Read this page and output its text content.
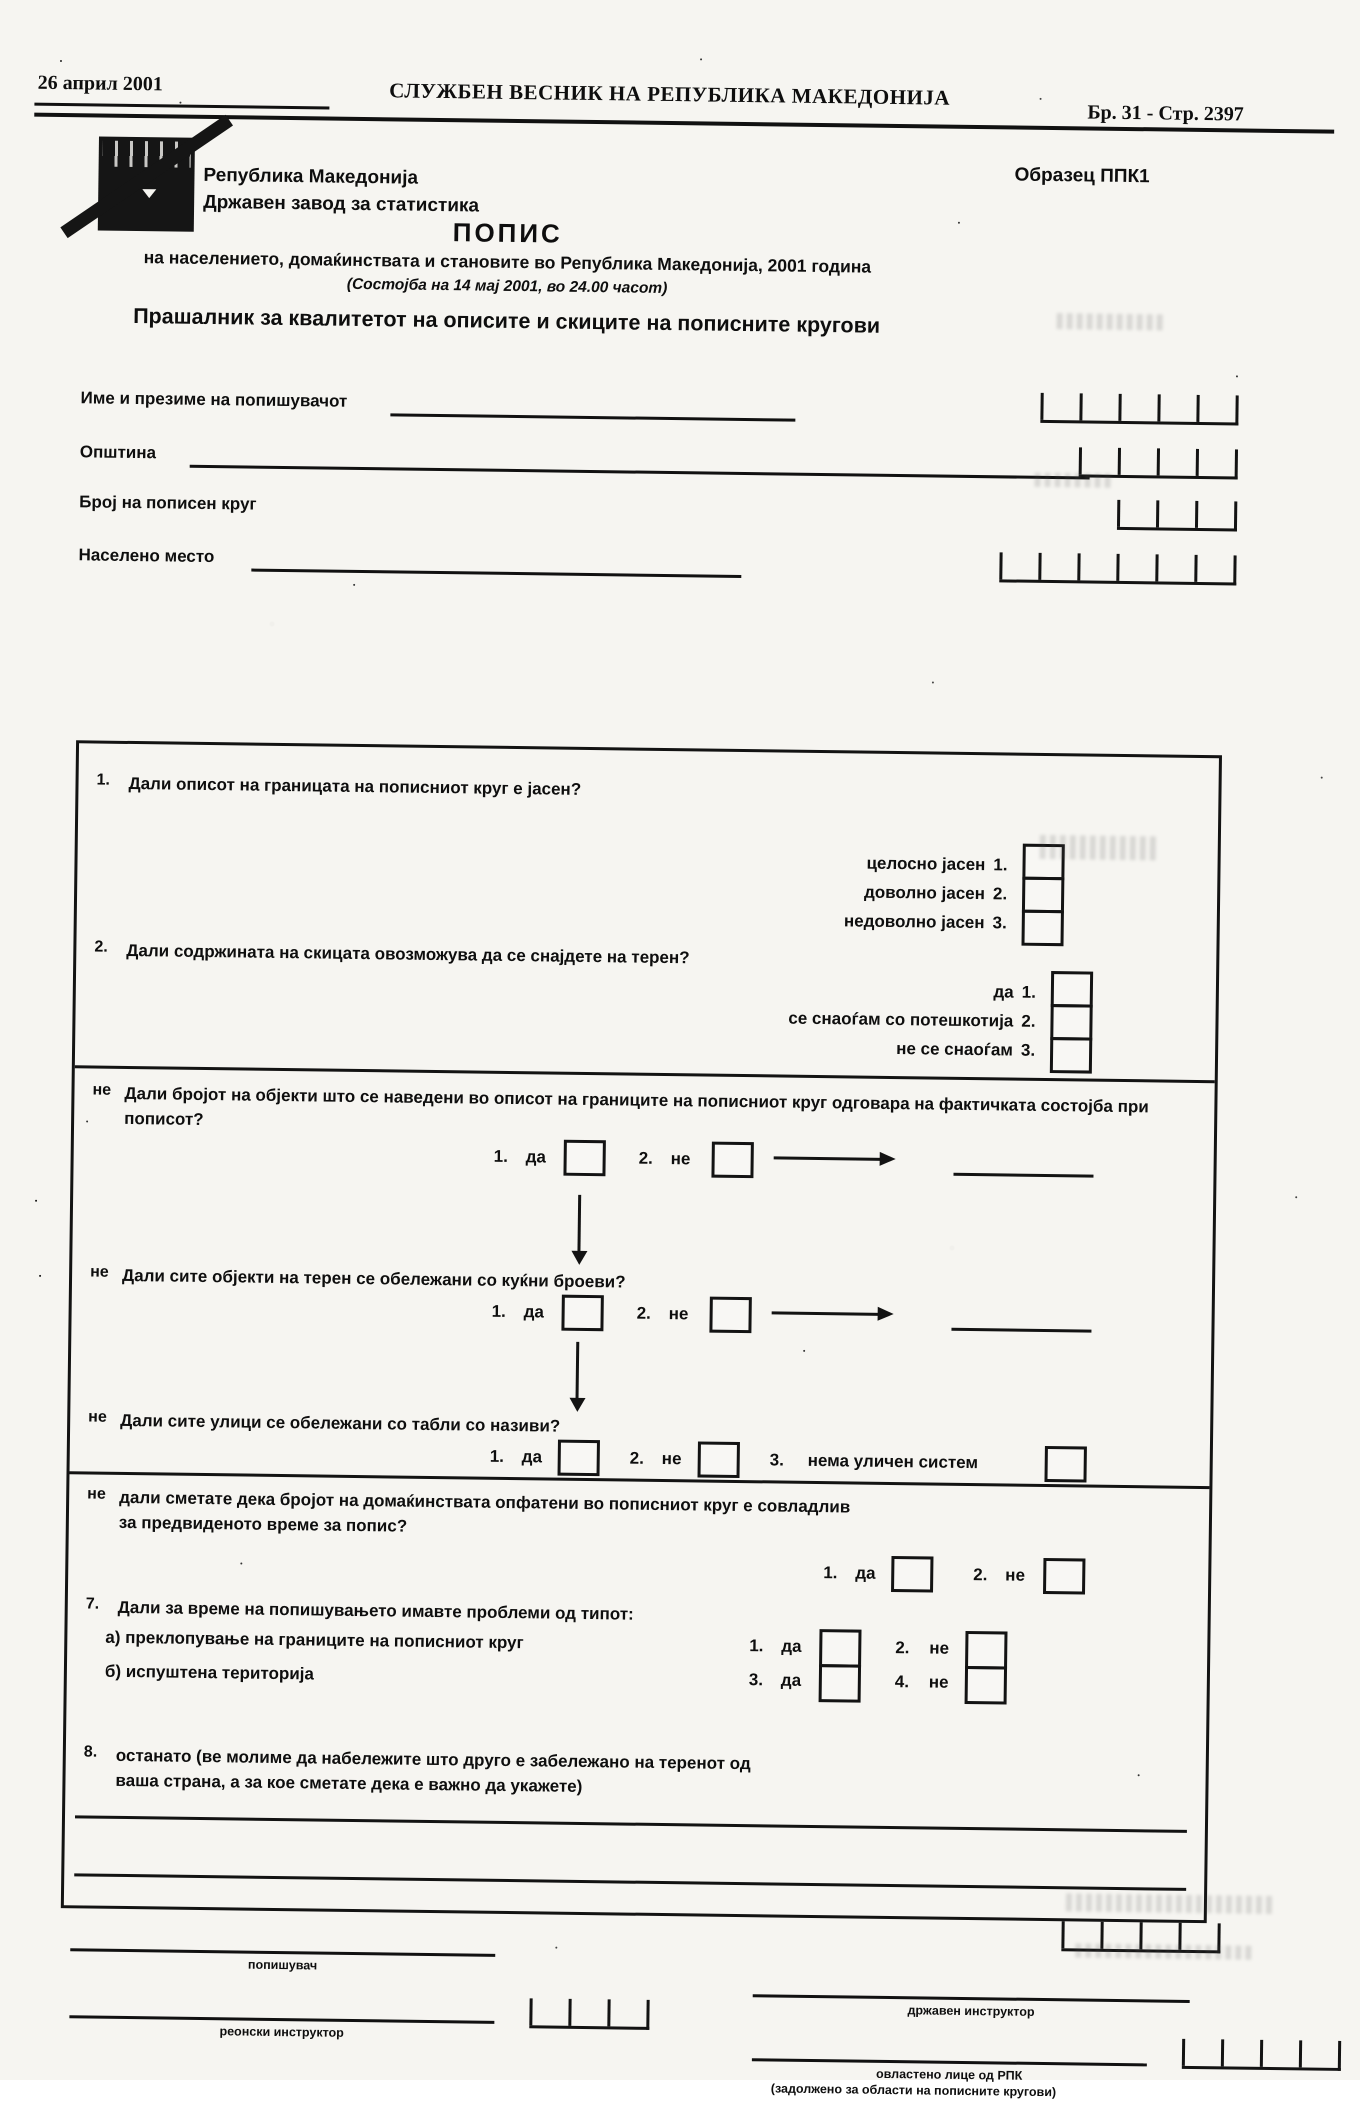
26 април 2001	СЛУЖБЕН ВЕСНИК НА РЕПУБЛИКА МАКЕДОНИЈА
Бр. 31 - Стр. 2397
Република Македонија
Државен завод за статистика
Образец ППК1
ПОПИС
на населението, домаќинствата и становите во Република Македонија, 2001 година
(Состојба на 14 мај 2001, во 24.00 часот)
Прашалник за квалитетот на описите и скиците на пописните кругови
Име и презиме на попишувачот
Општина
Број на пописен круг
Населено место
1.	Дали описот на границата на пописниот круг е јасен?
целосно јасен 1.
доволно јасен 2.
недоволно јасен 3.
2.	Дали содржината на скицата овозможува да се снајдете на терен?
да 1.
се снаоѓам со потешкотија 2.
не се снаоѓам 3.
не Дали бројот на објекти што се наведени во описот на границите на пописниот круг одговара на фактичката состојба при пописот?
1. да	2. не
не Дали сите објекти на терен се обележани со куќни броеви?
1. да	2. не
не Дали сите улици се обележани со табли со називи?
1. да	2. не	3. нема уличен систем
не дали сметате дека бројот на домаќинствата опфатени во пописниот круг е совладлив за предвиденото време за попис?
1. да	2. не
7.	Дали за време на попишувањето имавте проблеми од типот:
а) преклопување на границите на пописниот круг	1. да	2. не
б) испуштена територија	3. да	4. не
8.	останато (ве молиме да набележите што друго е забележано на теренот од ваша страна, а за кое сметате дека е важно да укажете)
попишувач
државен инструктор
реонски инструктор
овластено лице од РПК
(задолжено за области на пописните кругови)
